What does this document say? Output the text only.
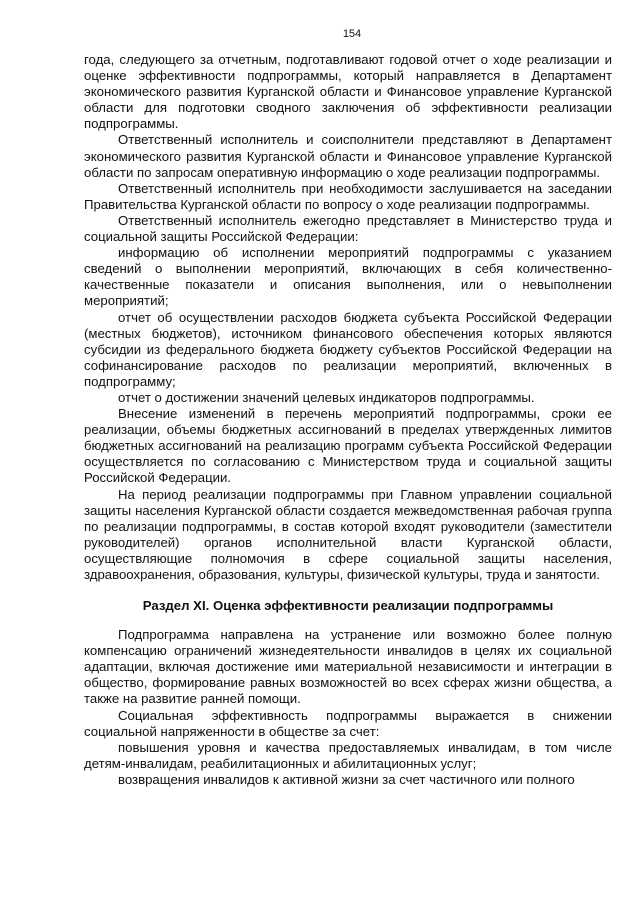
154

года, следующего за отчетным, подготавливают годовой отчет о ходе реализации и оценке эффективности подпрограммы, который направляется в Департамент экономического развития Курганской области и Финансовое управление Курганской области для подготовки сводного заключения об эффективности реализации подпрограммы.

Ответственный исполнитель и соисполнители представляют в Департамент экономического развития Курганской области и Финансовое управление Курганской области по запросам оперативную информацию о ходе реализации подпрограммы.

Ответственный исполнитель при необходимости заслушивается на заседании Правительства Курганской области по вопросу о ходе реализации подпрограммы.

Ответственный исполнитель ежегодно представляет в Министерство труда и социальной защиты Российской Федерации:

информацию об исполнении мероприятий подпрограммы с указанием сведений о выполнении мероприятий, включающих в себя количественно-качественные показатели и описания выполнения, или о невыполнении мероприятий;

отчет об осуществлении расходов бюджета субъекта Российской Федерации (местных бюджетов), источником финансового обеспечения которых являются субсидии из федерального бюджета бюджету субъектов Российской Федерации на софинансирование расходов по реализации мероприятий, включенных в подпрограмму;

отчет о достижении значений целевых индикаторов подпрограммы.

Внесение изменений в перечень мероприятий подпрограммы, сроки ее реализации, объемы бюджетных ассигнований в пределах утвержденных лимитов бюджетных ассигнований на реализацию программ субъекта Российской Федерации осуществляется по согласованию с Министерством труда и социальной защиты Российской Федерации.

На период реализации подпрограммы при Главном управлении социальной защиты населения Курганской области создается межведомственная рабочая группа по реализации подпрограммы, в состав которой входят руководители (заместители руководителей) органов исполнительной власти Курганской области, осуществляющие полномочия в сфере социальной защиты населения, здравоохранения, образования, культуры, физической культуры, труда и занятости.

Раздел XI. Оценка эффективности реализации подпрограммы

Подпрограмма направлена на устранение или возможно более полную компенсацию ограничений жизнедеятельности инвалидов в целях их социальной адаптации, включая достижение ими материальной независимости и интеграции в общество, формирование равных возможностей во всех сферах жизни общества, а также на развитие ранней помощи.

Социальная эффективность подпрограммы выражается в снижении социальной напряженности в обществе за счет:

повышения уровня и качества предоставляемых инвалидам, в том числе детям-инвалидам, реабилитационных и абилитационных услуг;

возвращения инвалидов к активной жизни за счет частичного или полного
